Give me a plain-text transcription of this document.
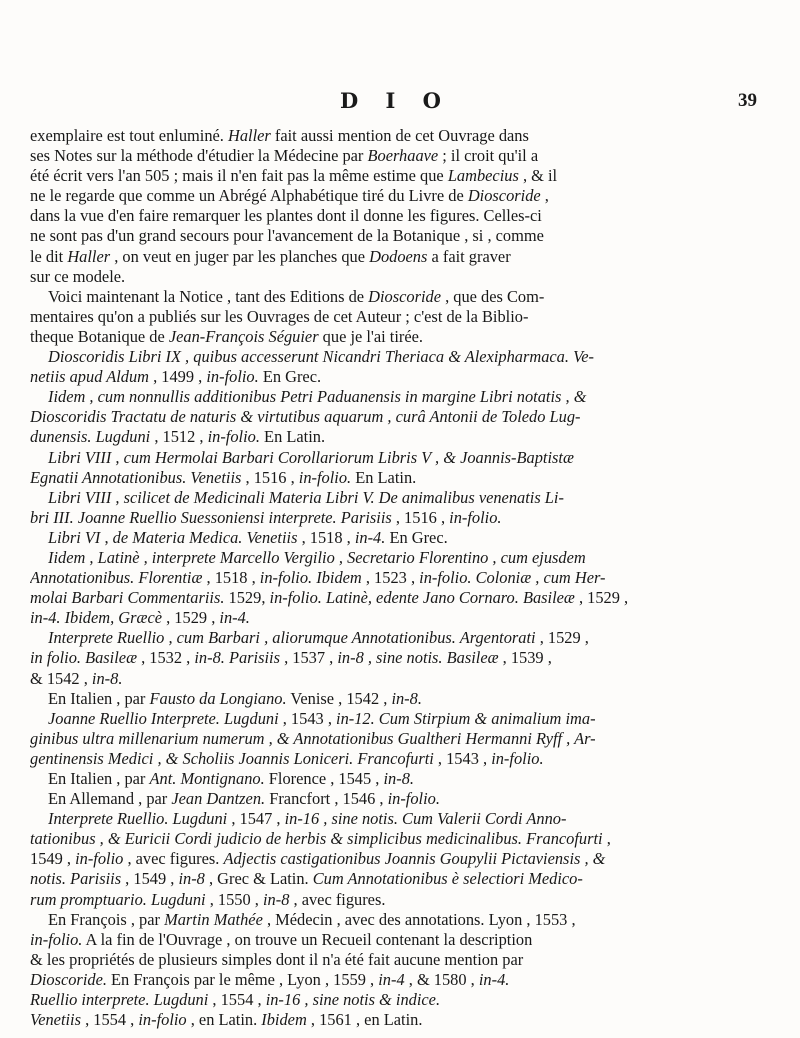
D I O	39
exemplaire est tout enluminé. Haller fait aussi mention de cet Ouvrage dans
ses Notes sur la méthode d'étudier la Médecine par Boerhaave ; il croit qu'il a
été écrit vers l'an 505 ; mais il n'en fait pas la même estime que Lambecius , & il
ne le regarde que comme un Abrégé Alphabétique tiré du Livre de Dioscoride ,
dans la vue d'en faire remarquer les plantes dont il donne les figures. Celles-ci
ne sont pas d'un grand secours pour l'avancement de la Botanique , si , comme
le dit Haller , on veut en juger par les planches que Dodoens a fait graver
sur ce modele.
Voici maintenant la Notice , tant des Editions de Dioscoride , que des Com-
mentaires qu'on a publiés sur les Ouvrages de cet Auteur ; c'est de la Biblio-
theque Botanique de Jean-François Séguier que je l'ai tirée.
Dioscoridis Libri IX , quibus accesserunt Nicandri Theriaca & Alexipharmaca. Ve-
netiis apud Aldum , 1499 , in-folio. En Grec.
Iidem , cum nonnullis additionibus Petri Paduanensis in margine Libri notatis , &
Dioscoridis Tractatu de naturis & virtutibus aquarum , curâ Antonii de Toledo Lug-
dunensis. Lugduni , 1512 , in-folio. En Latin.
Libri VIII , cum Hermolai Barbari Corollariorum Libris V , & Joannis-Baptistæ
Egnatii Annotationibus. Venetiis , 1516 , in-folio. En Latin.
Libri VIII , scilicet de Medicinali Materia Libri V. De animalibus venenatis Li-
bri III. Joanne Ruellio Suessoniensi interprete. Parisiis , 1516 , in-folio.
Libri VI , de Materia Medica. Venetiis , 1518 , in-4. En Grec.
Iidem , Latinè , interprete Marcello Vergilio , Secretario Florentino , cum ejusdem
Annotationibus. Florentiæ , 1518 , in-folio. Ibidem , 1523 , in-folio. Coloniæ , cum Her-
molai Barbari Commentariis. 1529, in-folio. Latinè, edente Jano Cornaro. Basileæ , 1529 ,
in-4. Ibidem, Græcè , 1529 , in-4.
Interprete Ruellio , cum Barbari , aliorumque Annotationibus. Argentorati , 1529 ,
in folio. Basileæ , 1532 , in-8. Parisiis , 1537 , in-8 , sine notis. Basileæ , 1539 ,
& 1542 , in-8.
En Italien , par Fausto da Longiano. Venise , 1542 , in-8.
Joanne Ruellio Interprete. Lugduni , 1543 , in-12. Cum Stirpium & animalium ima-
ginibus ultra millenarium numerum , & Annotationibus Gualtheri Hermanni Ryff , Ar-
gentinensis Medici , & Scholiis Joannis Loniceri. Francofurti , 1543 , in-folio.
En Italien , par Ant. Montignano. Florence , 1545 , in-8.
En Allemand , par Jean Dantzen. Francfort , 1546 , in-folio.
Interprete Ruellio. Lugduni , 1547 , in-16 , sine notis. Cum Valerii Cordi Anno-
tationibus , & Euricii Cordi judicio de herbis & simplicibus medicinalibus. Francofurti ,
1549 , in-folio , avec figures. Adjectis castigationibus Joannis Goupylii Pictaviensis , &
notis. Parisiis , 1549 , in-8 , Grec & Latin. Cum Annotationibus è selectiori Medico-
rum promptuario. Lugduni , 1550 , in-8 , avec figures.
En François , par Martin Mathée , Médecin , avec des annotations. Lyon , 1553 ,
in-folio. A la fin de l'Ouvrage , on trouve un Recueil contenant la description
& les propriétés de plusieurs simples dont il n'a été fait aucune mention par
Dioscoride. En François par le même , Lyon , 1559 , in-4 , & 1580 , in-4.
Ruellio interprete. Lugduni , 1554 , in-16 , sine notis & indice.
Venetiis , 1554 , in-folio , en Latin. Ibidem , 1561 , en Latin.
